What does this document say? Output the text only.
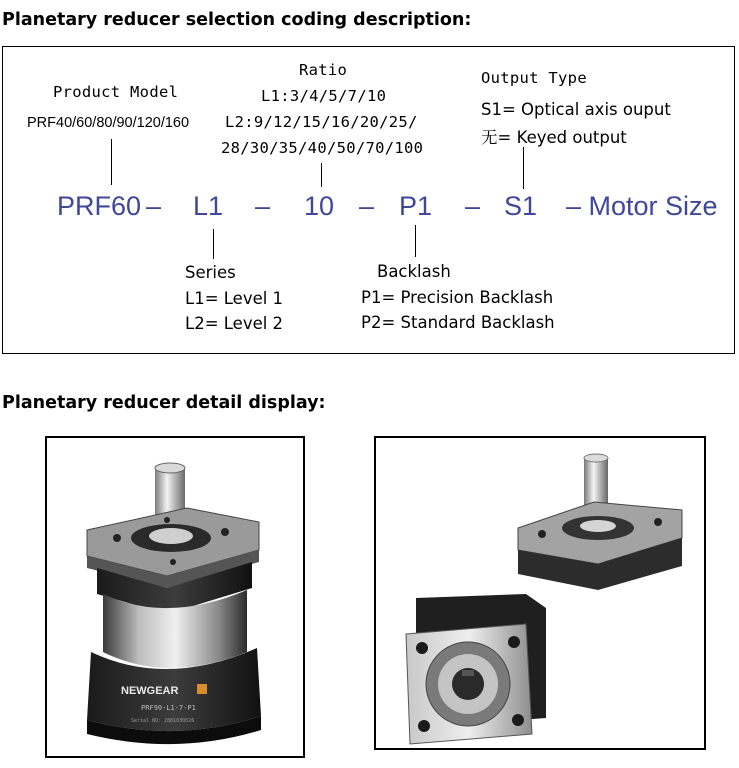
Planetary reducer selection coding description:
Product Model
PRF40/60/80/90/120/160
Ratio
L1:3/4/5/7/10
L2:9/12/15/16/20/25/
28/30/35/40/50/70/100
Output Type
S1= Optical axis ouput
无= Keyed output
PRF60 – L1 – 10 – P1 – S1 – Motor Size
Series
L1= Level 1
L2= Level 2
Backlash
P1= Precision Backlash
P2= Standard Backlash
Planetary reducer detail display:
NEWGEAR
PRF90-L1-7-P1
Serial NO: 2881030026
